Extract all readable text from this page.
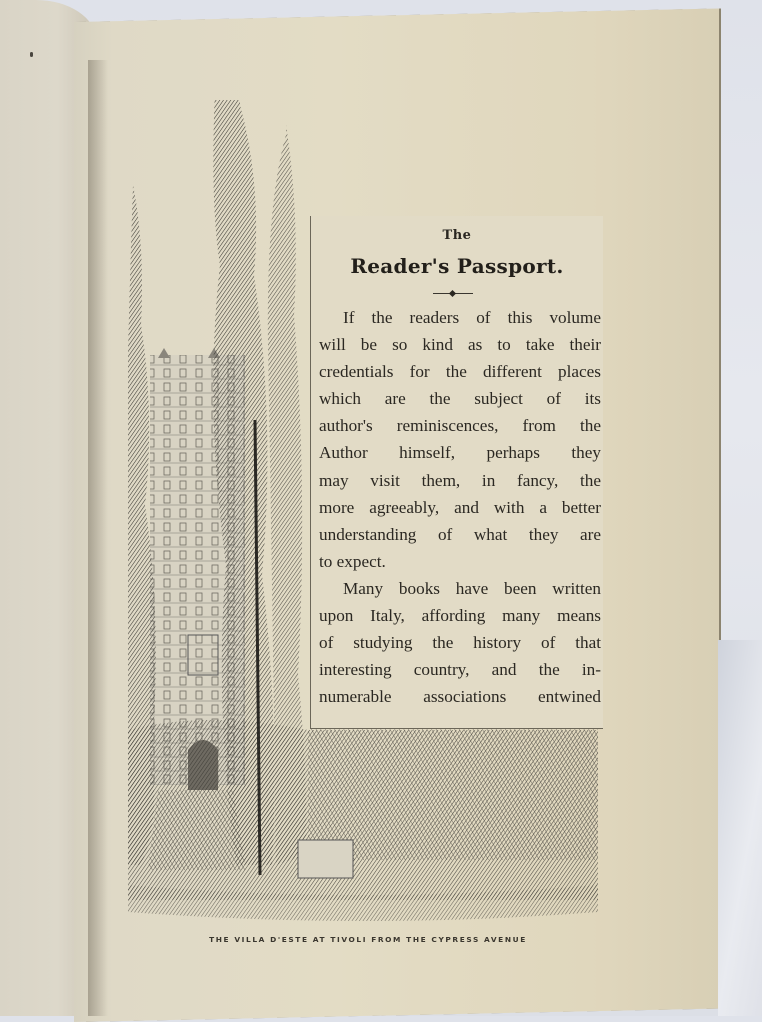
The
Reader's Passport.
If the readers of this volume
will be so kind as to take their
credentials for the different places
which are the subject of its
author's reminiscences, from the
Author himself, perhaps they
may visit them, in fancy, the
more agreeably, and with a better
understanding of what they are
to expect.
Many books have been written
upon Italy, affording many means
of studying the history of that
interesting country, and the in-
numerable associations entwined
THE VILLA D'ESTE AT TIVOLI FROM THE CYPRESS AVENUE
